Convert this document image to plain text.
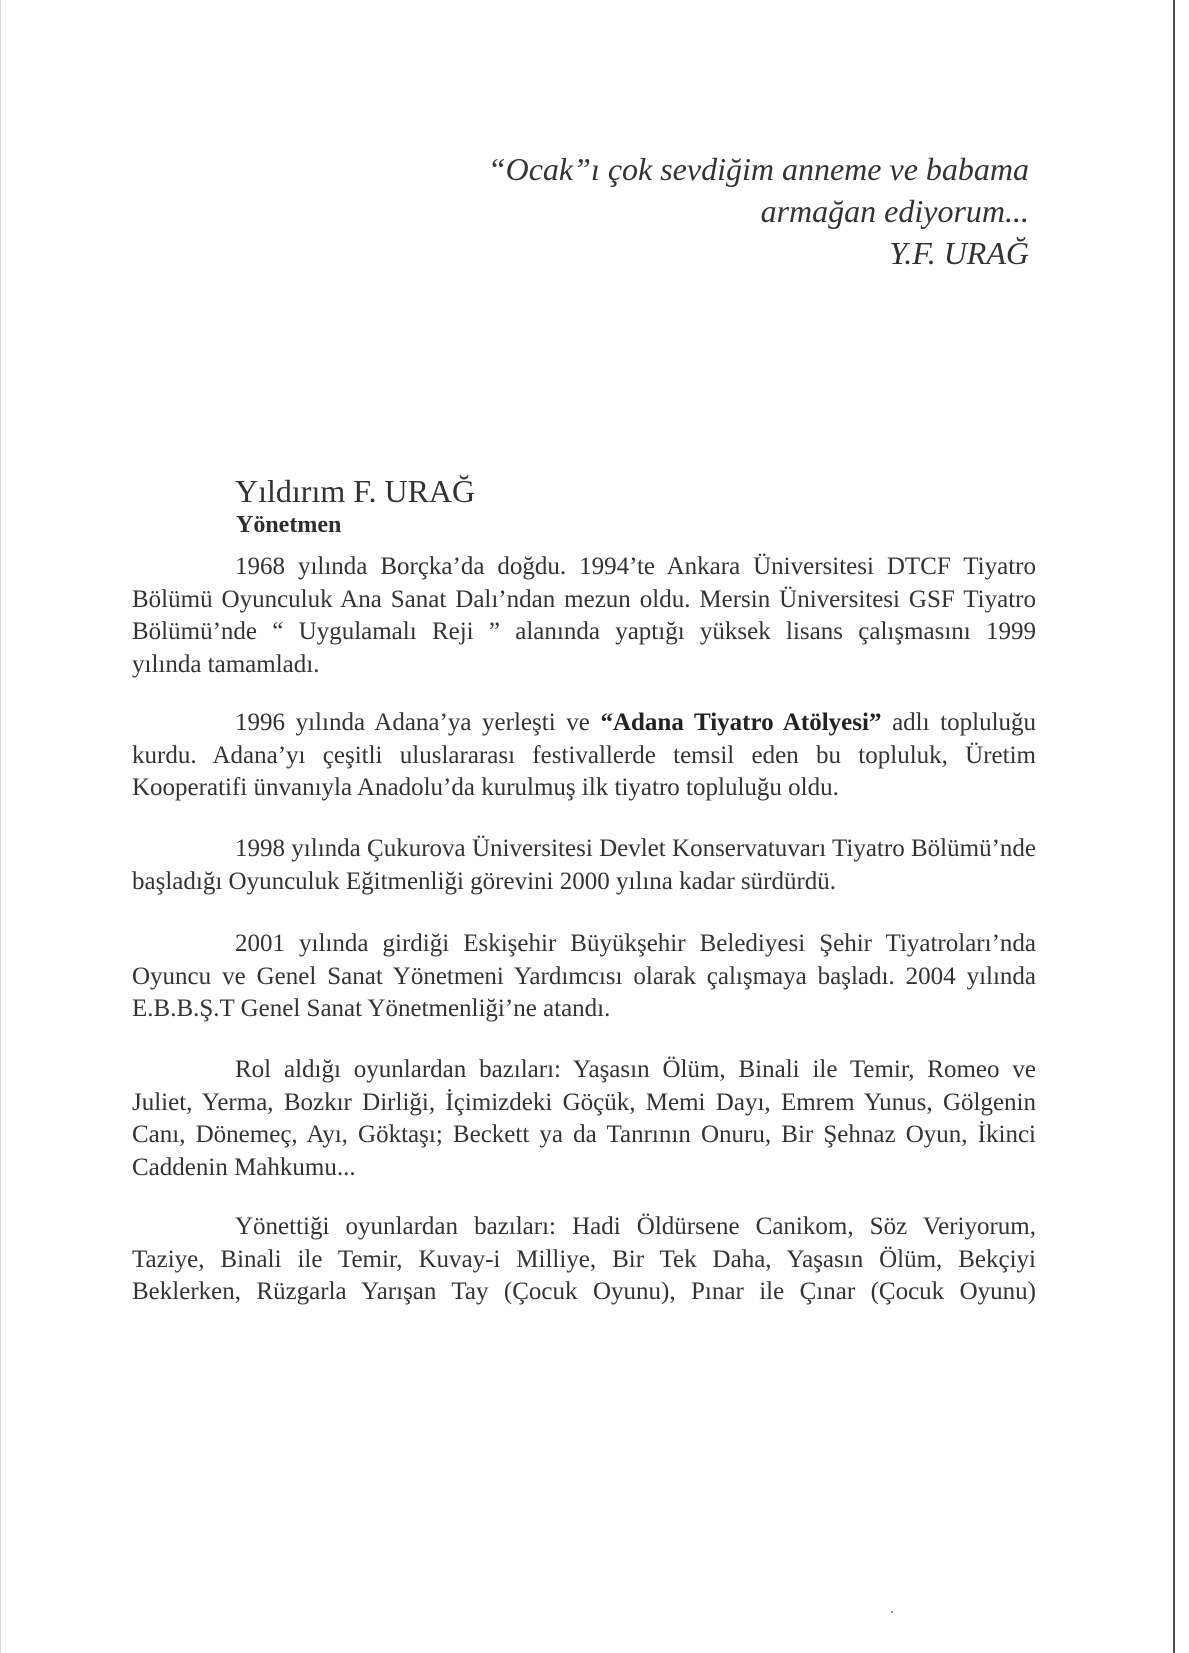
“Ocak”ı çok sevdiğim anneme ve babama
armağan ediyorum...
Y.F. URAĞ
Yıldırım F. URAĞ
Yönetmen
1968 yılında Borçka’da doğdu. 1994’te Ankara Üniversitesi DTCF Tiyatro
Bölümü Oyunculuk Ana Sanat Dalı’ndan mezun oldu. Mersin Üniversitesi GSF Tiyatro
Bölümü’nde “ Uygulamalı Reji ” alanında yaptığı yüksek lisans çalışmasını 1999
yılında tamamladı.
1996 yılında Adana’ya yerleşti ve “Adana Tiyatro Atölyesi” adlı topluluğu
kurdu. Adana’yı çeşitli uluslararası festivallerde temsil eden bu topluluk, Üretim
Kooperatifi ünvanıyla Anadolu’da kurulmuş ilk tiyatro topluluğu oldu.
1998 yılında Çukurova Üniversitesi Devlet Konservatuvarı Tiyatro Bölümü’nde
başladığı Oyunculuk Eğitmenliği görevini 2000 yılına kadar sürdürdü.
2001 yılında girdiği Eskişehir Büyükşehir Belediyesi Şehir Tiyatroları’nda
Oyuncu ve Genel Sanat Yönetmeni Yardımcısı olarak çalışmaya başladı. 2004 yılında
E.B.B.Ş.T Genel Sanat Yönetmenliği’ne atandı.
Rol aldığı oyunlardan bazıları: Yaşasın Ölüm, Binali ile Temir, Romeo ve
Juliet, Yerma, Bozkır Dirliği, İçimizdeki Göçük, Memi Dayı, Emrem Yunus, Gölgenin
Canı, Dönemeç, Ayı, Göktaşı; Beckett ya da Tanrının Onuru, Bir Şehnaz Oyun, İkinci
Caddenin Mahkumu...
Yönettiği oyunlardan bazıları: Hadi Öldürsene Canikom, Söz Veriyorum,
Taziye, Binali ile Temir, Kuvay-i Milliye, Bir Tek Daha, Yaşasın Ölüm, Bekçiyi
Beklerken, Rüzgarla Yarışan Tay (Çocuk Oyunu), Pınar ile Çınar (Çocuk Oyunu)
